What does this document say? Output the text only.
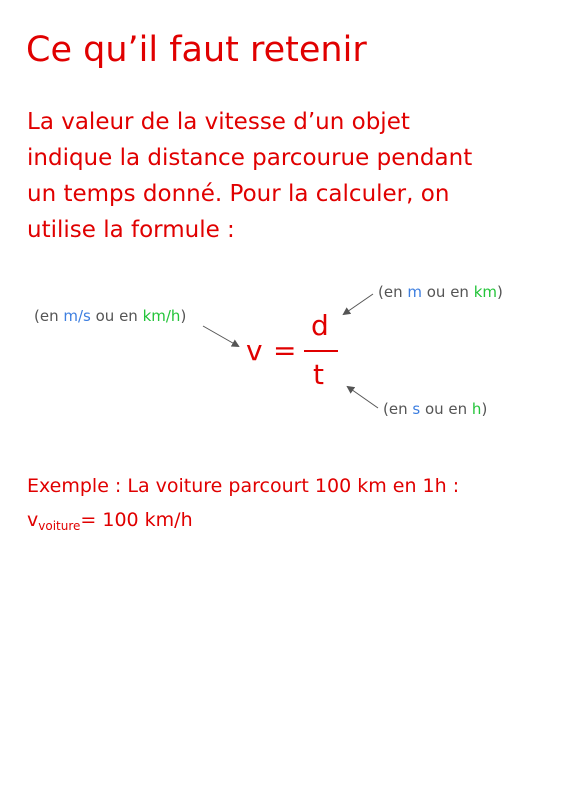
Ce qu’il faut retenir

La valeur de la vitesse d’un objet
indique la distance parcourue pendant
un temps donné. Pour la calculer, on
utilise la formule :

(en m/s ou en km/h)
(en m ou en km)
(en s ou en h)
v =
d
t
Exemple : La voiture parcourt 100 km en 1h :
$v_{voiture}= 100$ km/h
